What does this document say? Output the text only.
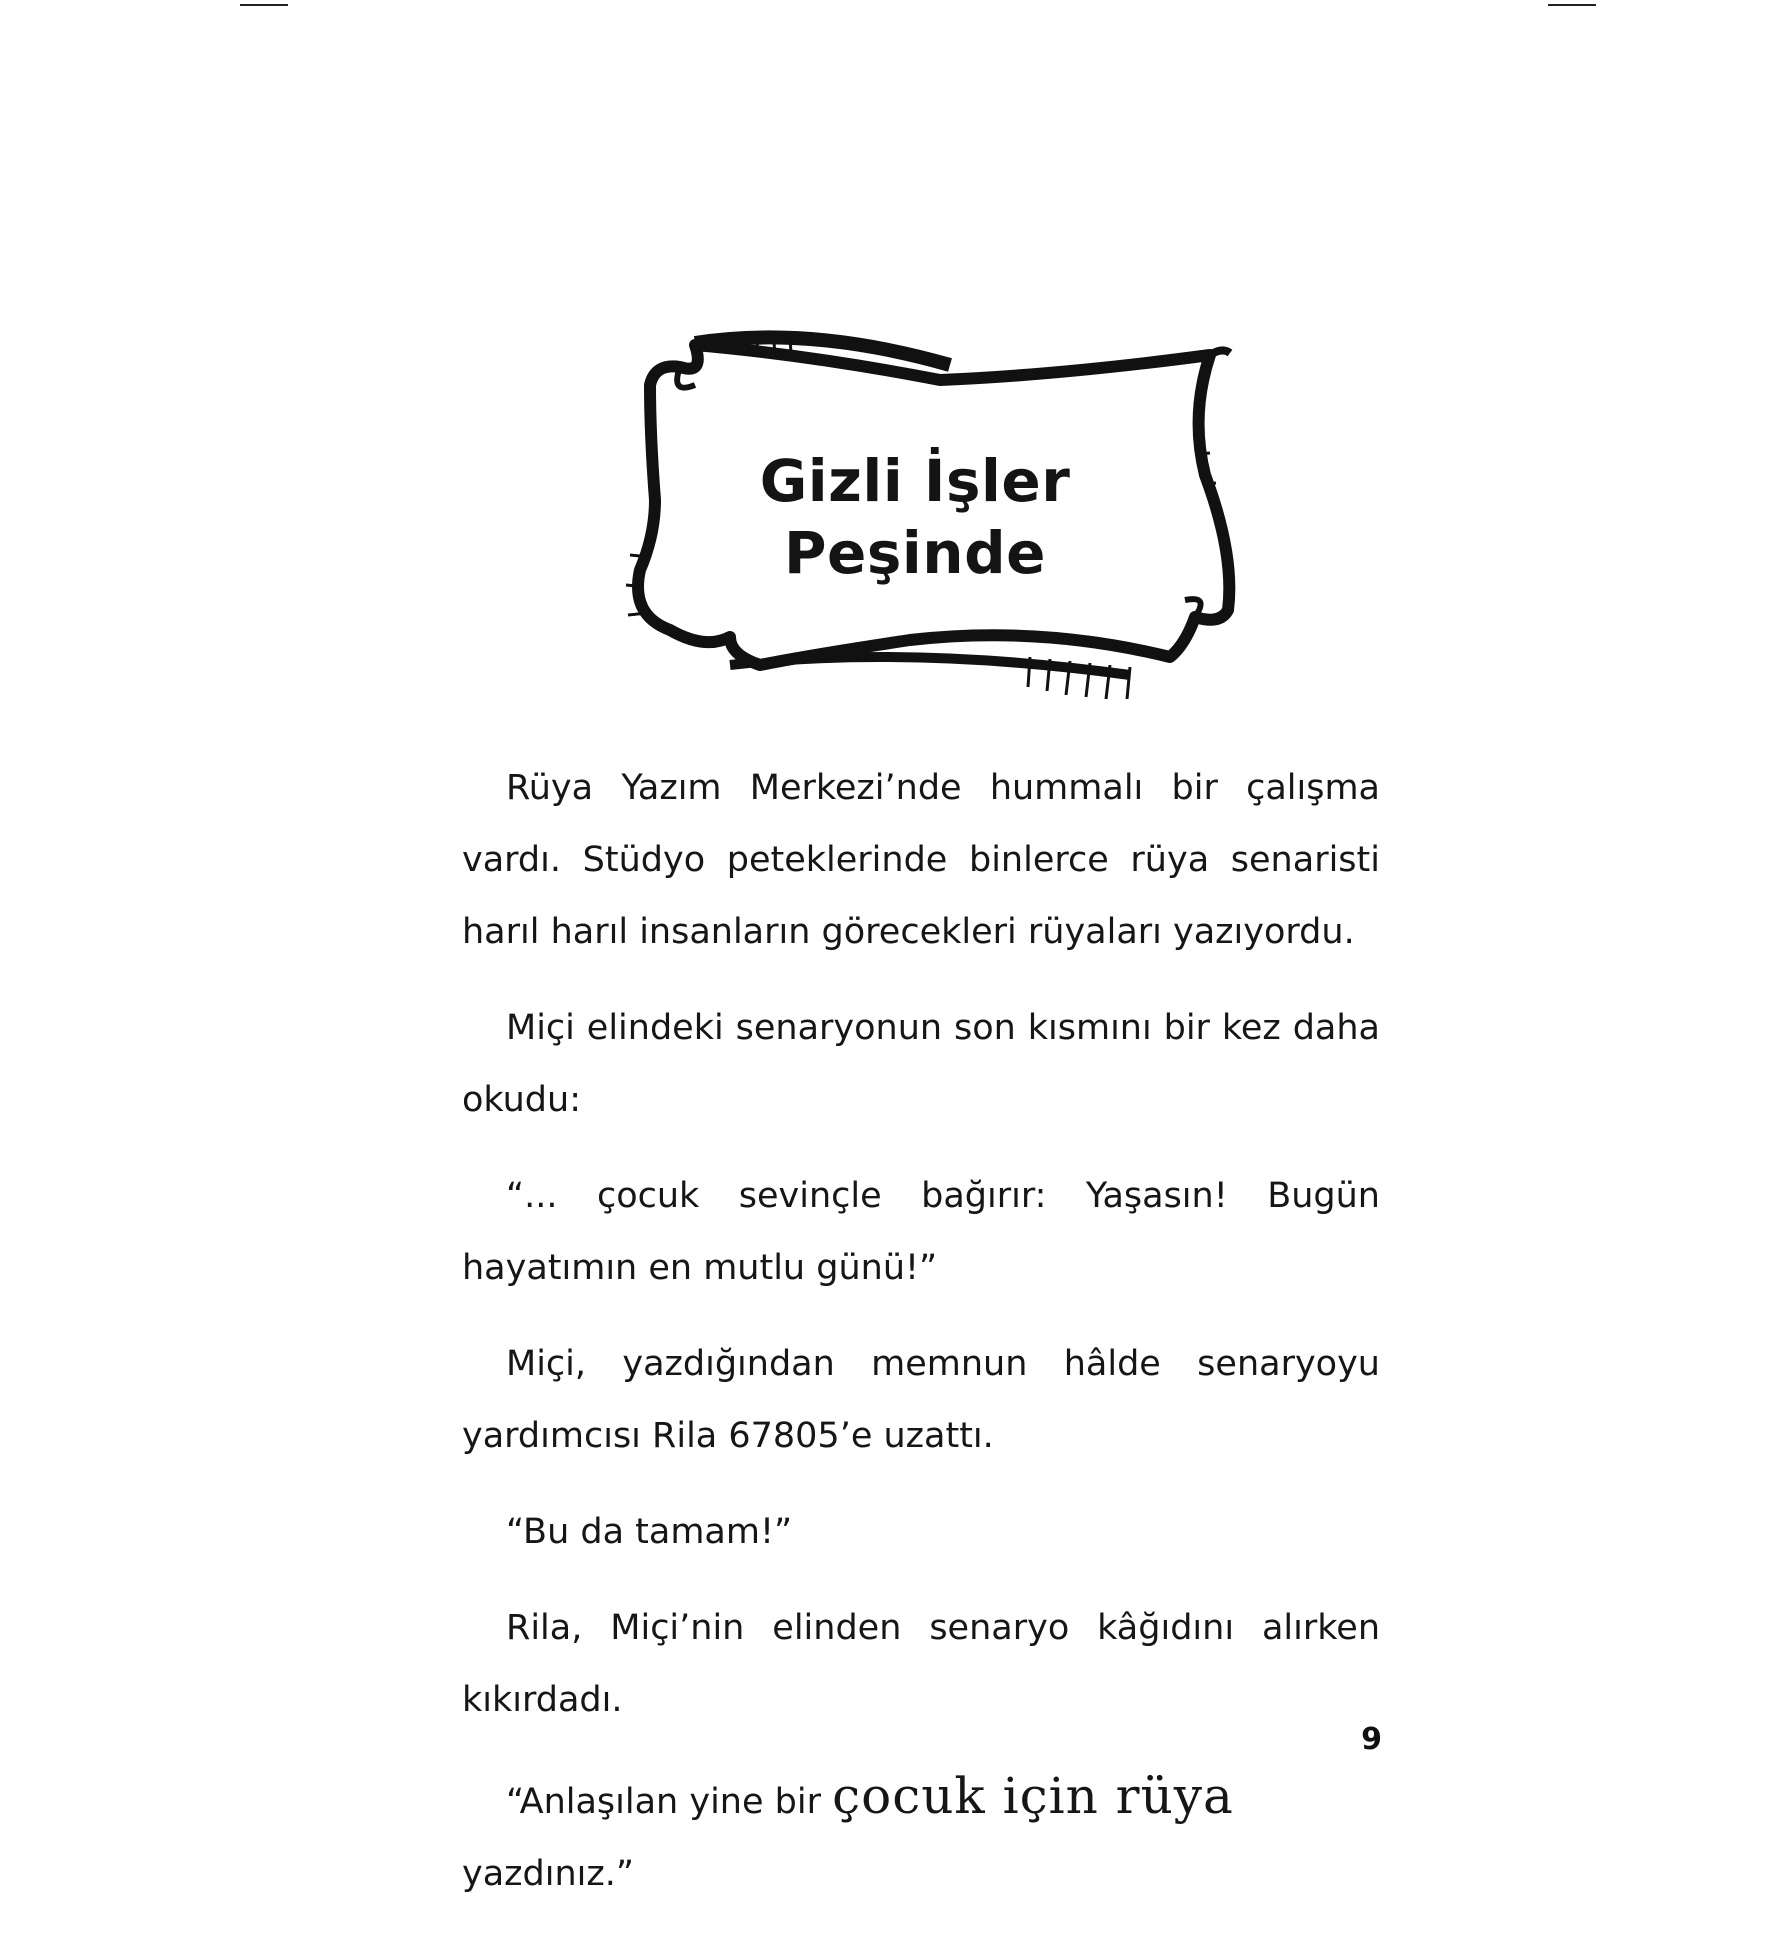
Gizli İşler
Peşinde

Rüya Yazım Merkezi’nde hummalı bir çalışma vardı. Stüdyo peteklerinde binlerce rüya senaristi harıl harıl insanların görecekleri rüyaları yazıyordu.

Miçi elindeki senaryonun son kısmını bir kez daha okudu:

“... çocuk sevinçle bağırır: Yaşasın! Bugün hayatımın en mutlu günü!”

Miçi, yazdığından memnun hâlde senaryoyu yardımcısı Rila 67805’e uzattı.

“Bu da tamam!”

Rila, Miçi’nin elinden senaryo kâğıdını alırken kıkırdadı.

“Anlaşılan yine bir çocuk için rüya yazdınız.”

9
